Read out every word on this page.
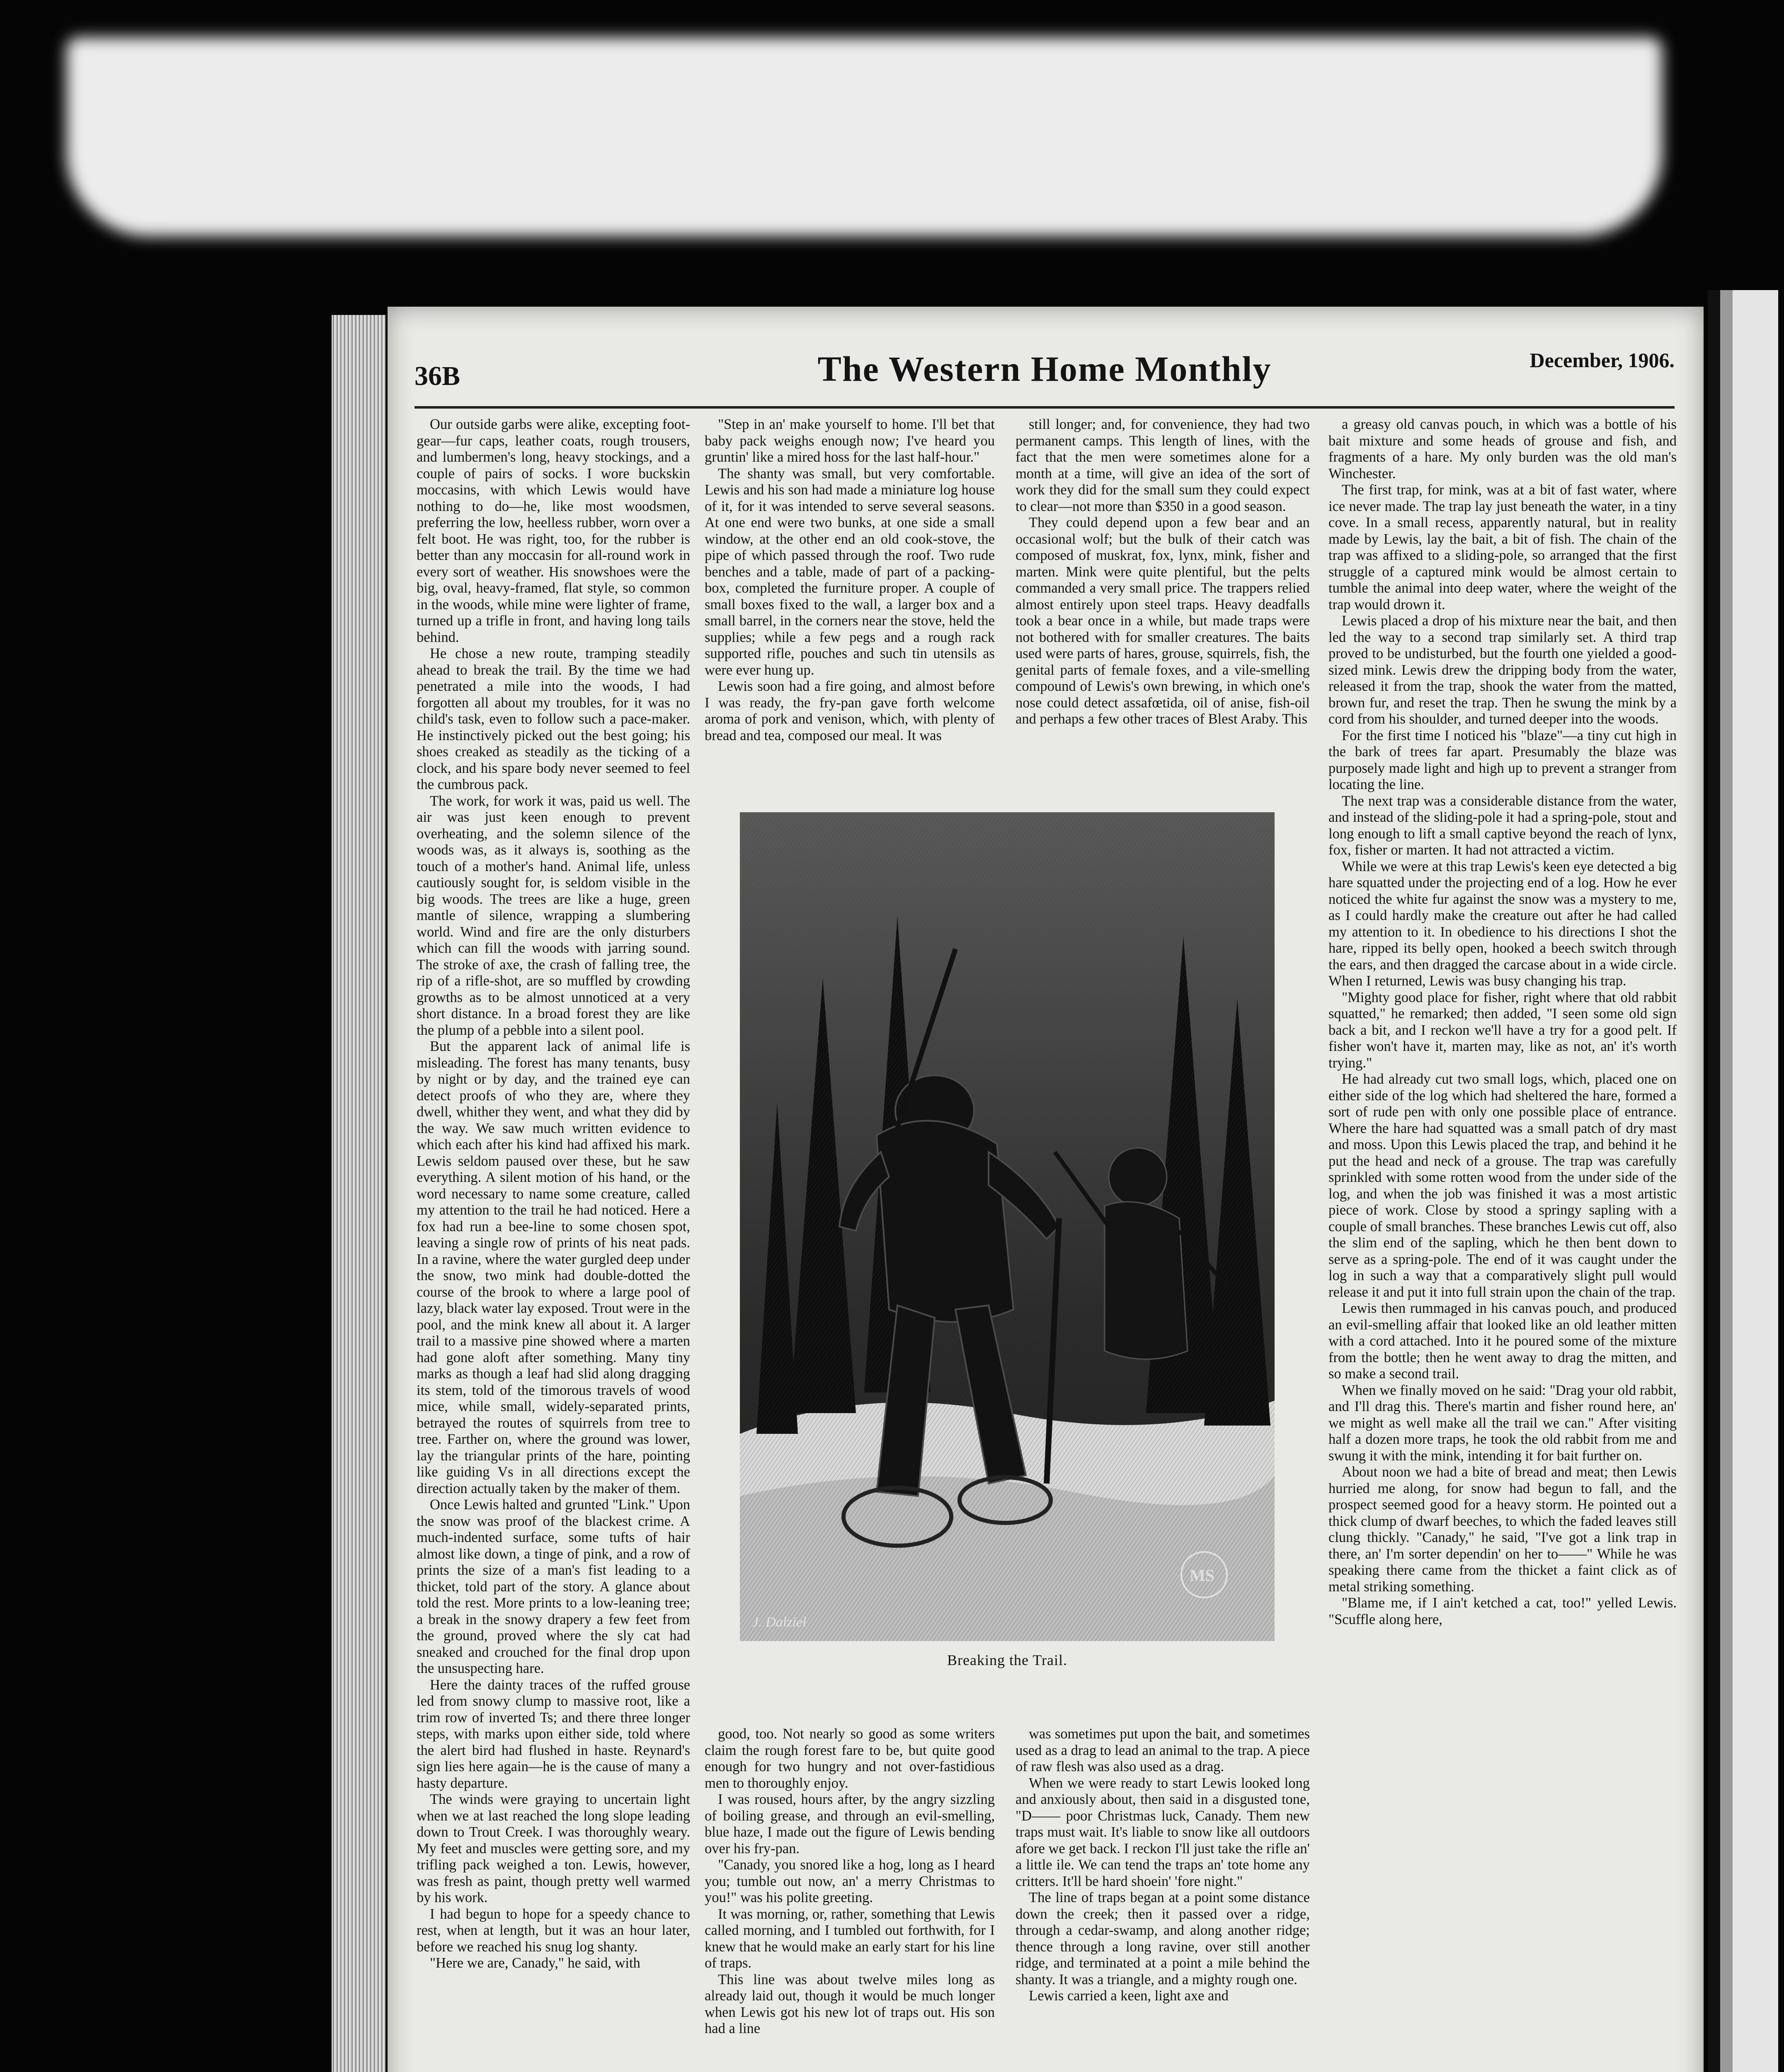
36B	The Western Home Monthly	December, 1906.

Our outside garbs were alike, excepting foot-gear—fur caps, leather coats, rough trousers, and lumbermen's long, heavy stockings, and a couple of pairs of socks. I wore buckskin moccasins, with which Lewis would have nothing to do—he, like most woodsmen, preferring the low, heelless rubber, worn over a felt boot. He was right, too, for the rubber is better than any moccasin for all-round work in every sort of weather. His snowshoes were the big, oval, heavy-framed, flat style, so common in the woods, while mine were lighter of frame, turned up a trifle in front, and having long tails behind.

He chose a new route, tramping steadily ahead to break the trail. By the time we had penetrated a mile into the woods, I had forgotten all about my troubles, for it was no child's task, even to follow such a pace-maker. He instinctively picked out the best going; his shoes creaked as steadily as the ticking of a clock, and his spare body never seemed to feel the cumbrous pack.

The work, for work it was, paid us well. The air was just keen enough to prevent overheating, and the solemn silence of the woods was, as it always is, soothing as the touch of a mother's hand. Animal life, unless cautiously sought for, is seldom visible in the big woods. The trees are like a huge, green mantle of silence, wrapping a slumbering world. Wind and fire are the only disturbers which can fill the woods with jarring sound. The stroke of axe, the crash of falling tree, the rip of a rifle-shot, are so muffled by crowding growths as to be almost unnoticed at a very short distance. In a broad forest they are like the plump of a pebble into a silent pool.

But the apparent lack of animal life is misleading. The forest has many tenants, busy by night or by day, and the trained eye can detect proofs of who they are, where they dwell, whither they went, and what they did by the way. We saw much written evidence to which each after his kind had affixed his mark. Lewis seldom paused over these, but he saw everything. A silent motion of his hand, or the word necessary to name some creature, called my attention to the trail he had noticed. Here a fox had run a bee-line to some chosen spot, leaving a single row of prints of his neat pads. In a ravine, where the water gurgled deep under the snow, two mink had double-dotted the course of the brook to where a large pool of lazy, black water lay exposed. Trout were in the pool, and the mink knew all about it. A larger trail to a massive pine showed where a marten had gone aloft after something. Many tiny marks as though a leaf had slid along dragging its stem, told of the timorous travels of wood mice, while small, widely-separated prints, betrayed the routes of squirrels from tree to tree. Farther on, where the ground was lower, lay the triangular prints of the hare, pointing like guiding Vs in all directions except the direction actually taken by the maker of them.

Once Lewis halted and grunted "Link." Upon the snow was proof of the blackest crime. A much-indented surface, some tufts of hair almost like down, a tinge of pink, and a row of prints the size of a man's fist leading to a thicket, told part of the story. A glance about told the rest. More prints to a low-leaning tree; a break in the snowy drapery a few feet from the ground, proved where the sly cat had sneaked and crouched for the final drop upon the unsuspecting hare.

Here the dainty traces of the ruffed grouse led from snowy clump to massive root, like a trim row of inverted Ts; and there three longer steps, with marks upon either side, told where the alert bird had flushed in haste. Reynard's sign lies here again—he is the cause of many a hasty departure.

The winds were graying to uncertain light when we at last reached the long slope leading down to Trout Creek. I was thoroughly weary. My feet and muscles were getting sore, and my trifling pack weighed a ton. Lewis, however, was fresh as paint, though pretty well warmed by his work.

I had begun to hope for a speedy chance to rest, when at length, but it was an hour later, before we reached his snug log shanty.

"Here we are, Canady," he said, with

"Step in an' make yourself to home. I'll bet that baby pack weighs enough now; I've heard you gruntin' like a mired hoss for the last half-hour."

The shanty was small, but very comfortable. Lewis and his son had made a miniature log house of it, for it was intended to serve several seasons. At one end were two bunks, at one side a small window, at the other end an old cook-stove, the pipe of which passed through the roof. Two rude benches and a table, made of part of a packing-box, completed the furniture proper. A couple of small boxes fixed to the wall, a larger box and a small barrel, in the corners near the stove, held the supplies; while a few pegs and a rough rack supported rifle, pouches and such tin utensils as were ever hung up.

Lewis soon had a fire going, and almost before I was ready, the fry-pan gave forth welcome aroma of pork and venison, which, with plenty of bread and tea, composed our meal. It was

still longer; and, for convenience, they had two permanent camps. This length of lines, with the fact that the men were sometimes alone for a month at a time, will give an idea of the sort of work they did for the small sum they could expect to clear—not more than $350 in a good season.

They could depend upon a few bear and an occasional wolf; but the bulk of their catch was composed of muskrat, fox, lynx, mink, fisher and marten. Mink were quite plentiful, but the pelts commanded a very small price. The trappers relied almost entirely upon steel traps. Heavy deadfalls took a bear once in a while, but made traps were not bothered with for smaller creatures. The baits used were parts of hares, grouse, squirrels, fish, the genital parts of female foxes, and a vile-smelling compound of Lewis's own brewing, in which one's nose could detect assafœtida, oil of anise, fish-oil and perhaps a few other traces of Blest Araby. This

J. Dalziel
MS
Breaking the Trail.

good, too. Not nearly so good as some writers claim the rough forest fare to be, but quite good enough for two hungry and not over-fastidious men to thoroughly enjoy.

I was roused, hours after, by the angry sizzling of boiling grease, and through an evil-smelling, blue haze, I made out the figure of Lewis bending over his fry-pan.

"Canady, you snored like a hog, long as I heard you; tumble out now, an' a merry Christmas to you!" was his polite greeting.

It was morning, or, rather, something that Lewis called morning, and I tumbled out forthwith, for I knew that he would make an early start for his line of traps.

This line was about twelve miles long as already laid out, though it would be much longer when Lewis got his new lot of traps out. His son had a line

was sometimes put upon the bait, and sometimes used as a drag to lead an animal to the trap. A piece of raw flesh was also used as a drag.

When we were ready to start Lewis looked long and anxiously about, then said in a disgusted tone, "D—— poor Christmas luck, Canady. Them new traps must wait. It's liable to snow like all outdoors afore we get back. I reckon I'll just take the rifle an' a little ile. We can tend the traps an' tote home any critters. It'll be hard shoein' 'fore night."

The line of traps began at a point some distance down the creek; then it passed over a ridge, through a cedar-swamp, and along another ridge; thence through a long ravine, over still another ridge, and terminated at a point a mile behind the shanty. It was a triangle, and a mighty rough one.

Lewis carried a keen, light axe and

a greasy old canvas pouch, in which was a bottle of his bait mixture and some heads of grouse and fish, and fragments of a hare. My only burden was the old man's Winchester.

The first trap, for mink, was at a bit of fast water, where ice never made. The trap lay just beneath the water, in a tiny cove. In a small recess, apparently natural, but in reality made by Lewis, lay the bait, a bit of fish. The chain of the trap was affixed to a sliding-pole, so arranged that the first struggle of a captured mink would be almost certain to tumble the animal into deep water, where the weight of the trap would drown it.

Lewis placed a drop of his mixture near the bait, and then led the way to a second trap similarly set. A third trap proved to be undisturbed, but the fourth one yielded a good-sized mink. Lewis drew the dripping body from the water, released it from the trap, shook the water from the matted, brown fur, and reset the trap. Then he swung the mink by a cord from his shoulder, and turned deeper into the woods.

For the first time I noticed his "blaze"—a tiny cut high in the bark of trees far apart. Presumably the blaze was purposely made light and high up to prevent a stranger from locating the line.

The next trap was a considerable distance from the water, and instead of the sliding-pole it had a spring-pole, stout and long enough to lift a small captive beyond the reach of lynx, fox, fisher or marten. It had not attracted a victim.

While we were at this trap Lewis's keen eye detected a big hare squatted under the projecting end of a log. How he ever noticed the white fur against the snow was a mystery to me, as I could hardly make the creature out after he had called my attention to it. In obedience to his directions I shot the hare, ripped its belly open, hooked a beech switch through the ears, and then dragged the carcase about in a wide circle. When I returned, Lewis was busy changing his trap.

"Mighty good place for fisher, right where that old rabbit squatted," he remarked; then added, "I seen some old sign back a bit, and I reckon we'll have a try for a good pelt. If fisher won't have it, marten may, like as not, an' it's worth trying."

He had already cut two small logs, which, placed one on either side of the log which had sheltered the hare, formed a sort of rude pen with only one possible place of entrance. Where the hare had squatted was a small patch of dry mast and moss. Upon this Lewis placed the trap, and behind it he put the head and neck of a grouse. The trap was carefully sprinkled with some rotten wood from the under side of the log, and when the job was finished it was a most artistic piece of work. Close by stood a springy sapling with a couple of small branches. These branches Lewis cut off, also the slim end of the sapling, which he then bent down to serve as a spring-pole. The end of it was caught under the log in such a way that a comparatively slight pull would release it and put it into full strain upon the chain of the trap.

Lewis then rummaged in his canvas pouch, and produced an evil-smelling affair that looked like an old leather mitten with a cord attached. Into it he poured some of the mixture from the bottle; then he went away to drag the mitten, and so make a second trail.

When we finally moved on he said: "Drag your old rabbit, and I'll drag this. There's martin and fisher round here, an' we might as well make all the trail we can." After visiting half a dozen more traps, he took the old rabbit from me and swung it with the mink, intending it for bait further on.

About noon we had a bite of bread and meat; then Lewis hurried me along, for snow had begun to fall, and the prospect seemed good for a heavy storm. He pointed out a thick clump of dwarf beeches, to which the faded leaves still clung thickly. "Canady," he said, "I've got a link trap in there, an' I'm sorter dependin' on her to——" While he was speaking there came from the thicket a faint click as of metal striking something.

"Blame me, if I ain't ketched a cat, too!" yelled Lewis. "Scuffle along here,
